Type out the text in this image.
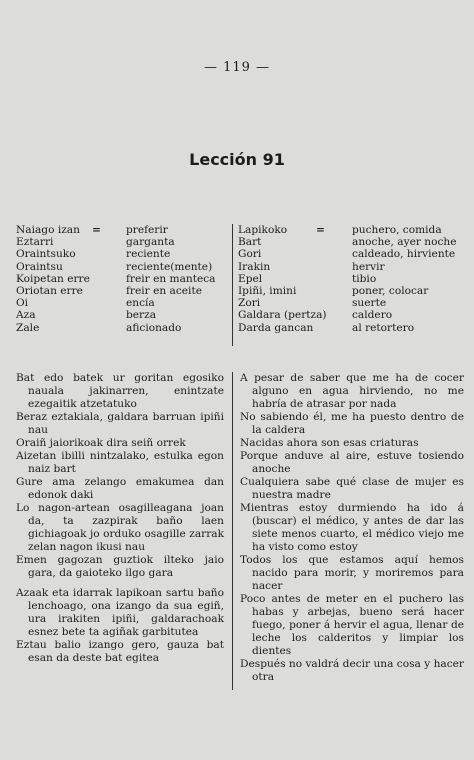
— 119 —
Lección 91
=
Naiago izan	preferir
Eztarri	garganta
Oraintsuko	reciente
Oraintsu	reciente(mente)
Koipetan erre	freir en manteca
Oriotan erre	freir en aceite
Oi	encía
Aza	berza
Zale	aficionado
=
Lapikoko	puchero, comida
Bart	anoche, ayer noche
Gori	caldeado, hirviente
Irakin	hervir
Epel	tibio
Ipiñi, imini	poner, colocar
Zori	suerte
Galdara (pertza) caldero
Darda gancan	al retortero

Bat edo batek ur goritan egosiko nauala jakinarren, enintzate ezegaitik atzetatuko

Beraz eztakiala, galdara barruan ipiñi nau

Oraiñ jaiorikoak dira seiñ orrek

Aizetan ibilli nintzalako, estulka egon naiz bart

Gure ama zelango emakumea dan edonok daki

Lo nagon-artean osagilleagana joan da, ta zazpirak baño laen gichiagoak jo orduko osagille zarrak zelan nagon ikusi nau

Emen gagozan guztiok ilteko jaio gara, da gaioteko ilgo gara

Azaak eta idarrak lapikoan sartu baño lenchoago, ona izango da sua egiñ, ura irakiten ipiñi, galdarachoak esnez bete ta agiñak garbitutea

Eztau balio izango gero, gauza bat esan da deste bat egitea

A pesar de saber que me ha de cocer alguno en agua hirviendo, no me habría de atrasar por nada

No sabiendo él, me ha puesto dentro de la caldera

Nacidas ahora son esas criaturas

Porque anduve al aire, estuve tosiendo anoche

Cualquiera sabe qué clase de mujer es nuestra madre

Mientras estoy durmiendo ha ido á (buscar) el médico, y antes de dar las siete menos cuarto, el médico viejo me ha visto como estoy

Todos los que estamos aquí hemos nacido para morir, y moriremos para nacer

Poco antes de meter en el puchero las habas y arbejas, bueno será hacer fuego, poner á hervir el agua, llenar de leche los calderitos y limpiar los dientes

Después no valdrá decir una cosa y hacer otra
